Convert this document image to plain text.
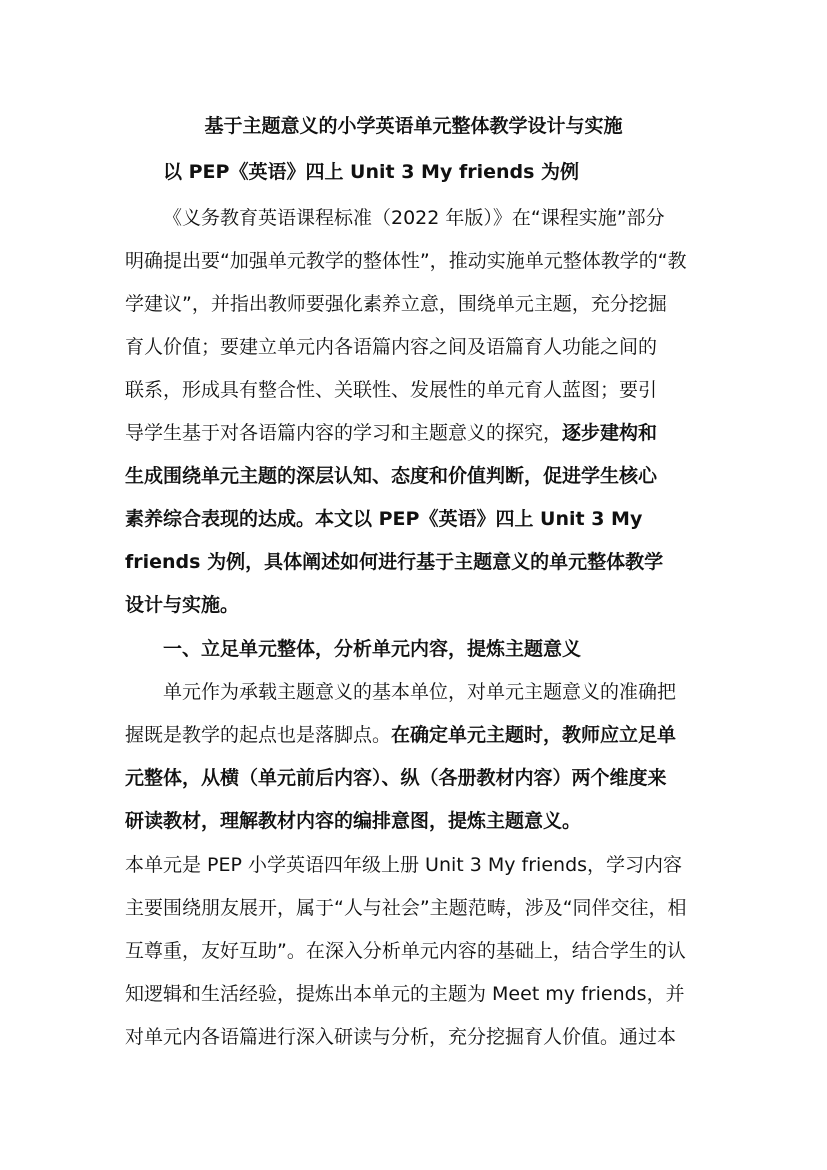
基于主题意义的小学英语单元整体教学设计与实施
以 PEP《英语》四上 Unit 3 My friends 为例
《义务教育英语课程标准（2022 年版）》在“课程实施”部分
明确提出要“加强单元教学的整体性”，推动实施单元整体教学的“教
学建议”，并指出教师要强化素养立意，围绕单元主题，充分挖掘
育人价值；要建立单元内各语篇内容之间及语篇育人功能之间的
联系，形成具有整合性、关联性、发展性的单元育人蓝图；要引
导学生基于对各语篇内容的学习和主题意义的探究，逐步建构和
生成围绕单元主题的深层认知、态度和价值判断，促进学生核心
素养综合表现的达成。本文以 PEP《英语》四上 Unit 3 My
friends 为例，具体阐述如何进行基于主题意义的单元整体教学
设计与实施。
一、立足单元整体，分析单元内容，提炼主题意义
单元作为承载主题意义的基本单位，对单元主题意义的准确把
握既是教学的起点也是落脚点。在确定单元主题时，教师应立足单
元整体，从横（单元前后内容）、纵（各册教材内容）两个维度来
研读教材，理解教材内容的编排意图，提炼主题意义。
本单元是 PEP 小学英语四年级上册 Unit 3 My friends，学习内容
主要围绕朋友展开，属于“人与社会”主题范畴，涉及“同伴交往，相
互尊重，友好互助”。在深入分析单元内容的基础上，结合学生的认
知逻辑和生活经验，提炼出本单元的主题为 Meet my friends，并
对单元内各语篇进行深入研读与分析，充分挖掘育人价值。通过本
